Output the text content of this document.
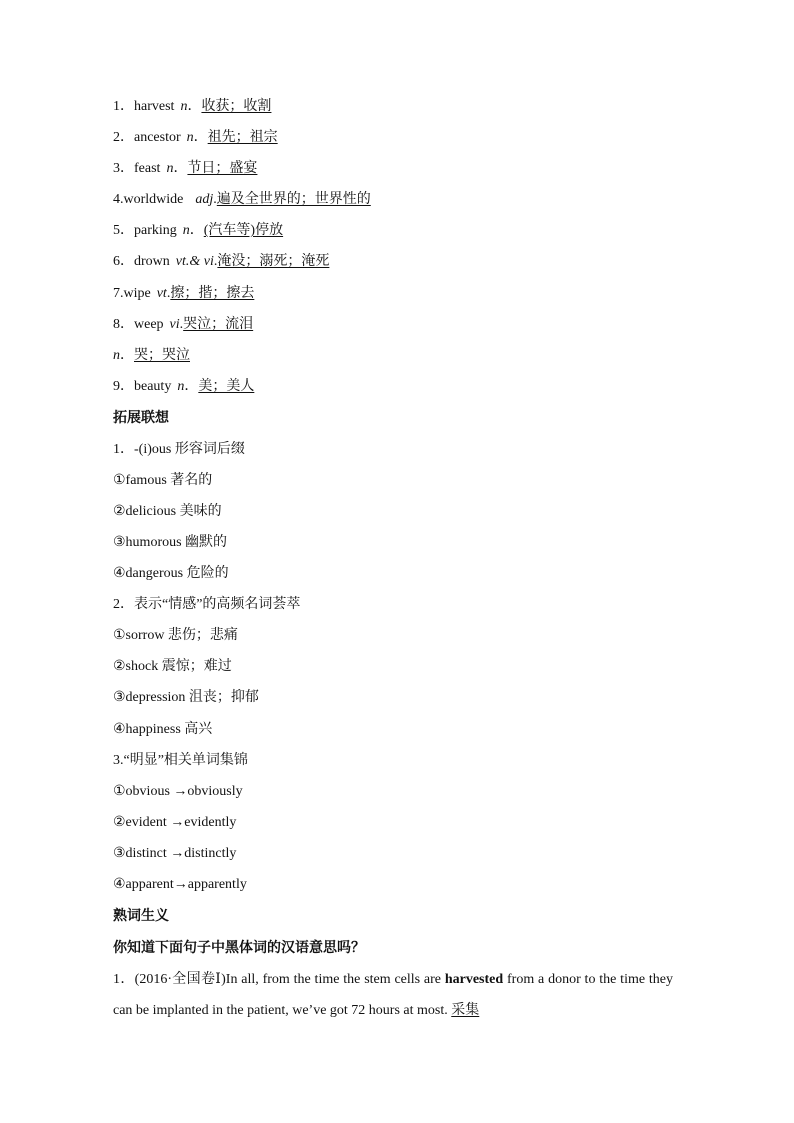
1．harvest n．收获；收割
2．ancestor n．祖先；祖宗
3．feast n．节日；盛宴
4.worldwide adj.遍及全世界的；世界性的
5．parking n．(汽车等)停放
6．drown vt.& vi.淹没；溺死；淹死
7.wipe vt.擦；揩；擦去
8．weep vi.哭泣；流泪
n．哭；哭泣
9．beauty n．美；美人
拓展联想
1．-(i)ous 形容词后缀
①famous 著名的
②delicious 美味的
③humorous 幽默的
④dangerous 危险的
2．表示“情感”的高频名词荟萃
①sorrow 悲伤；悲痛
②shock 震惊；难过
③depression 沮丧；抑郁
④happiness 高兴
3.“明显”相关单词集锦
①obvious →obviously
②evident →evidently
③distinct →distinctly
④apparent→apparently
熟词生义
你知道下面句子中黑体词的汉语意思吗？
1．(2016·全国卷Ⅰ)In all, from the time the stem cells are harvested from a donor to the time they can be implanted in the patient, we’ve got 72 hours at most. 采集
